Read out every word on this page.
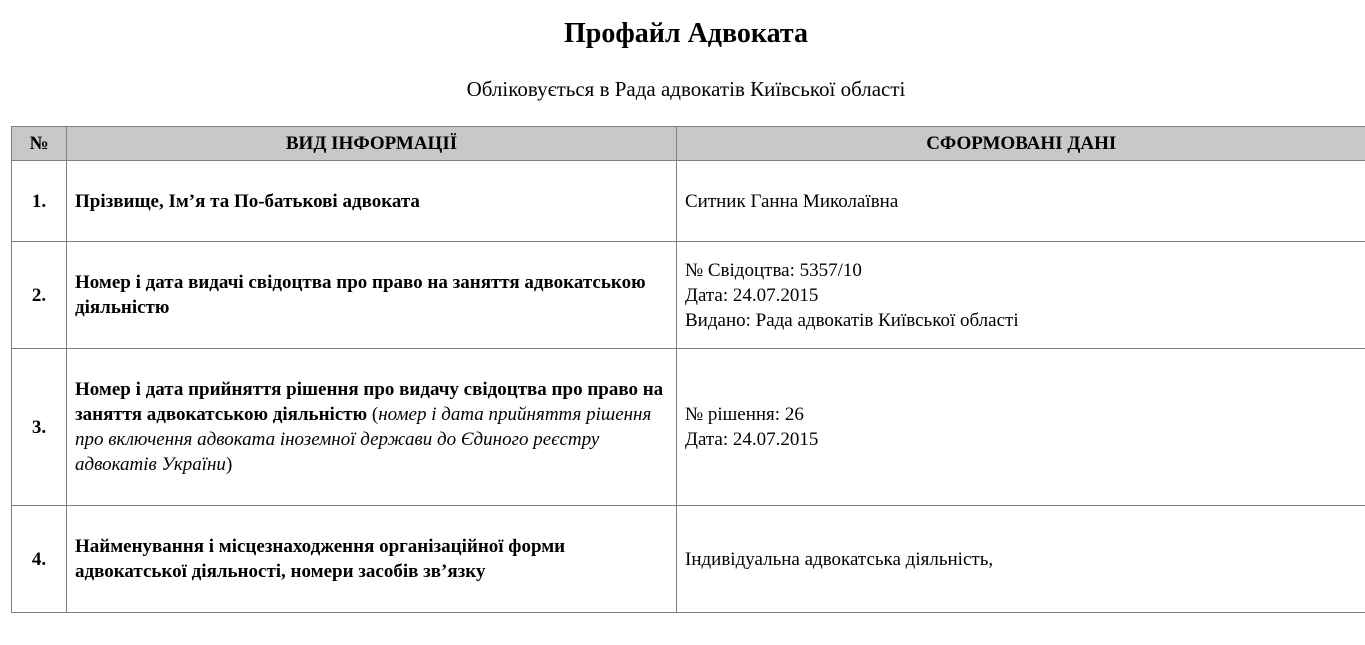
Профайл Адвоката
Обліковується в Рада адвокатів Київської області
№	ВИД ІНФОРМАЦІЇ	СФОРМОВАНІ ДАНІ
1.	Прізвище, Ім’я та По-батькові адвоката	Ситник Ганна Миколаївна

2.	Номер і дата видачі свідоцтва про право на заняття адвокатською діяльністю	№ Свідоцтва: 5357/10
Дата: 24.07.2015
Видано: Рада адвокатів Київської області

3.	Номер і дата прийняття рішення про видачу свідоцтва про право на заняття адвокатською діяльністю (номер і дата прийняття рішення про включення адвоката іноземної держави до Єдиного реєстру адвокатів України)	№ рішення: 26
Дата: 24.07.2015

4.	Найменування і місцезнаходження організаційної форми адвокатської діяльності, номери засобів зв’язку	Індивідуальна адвокатська діяльність,
